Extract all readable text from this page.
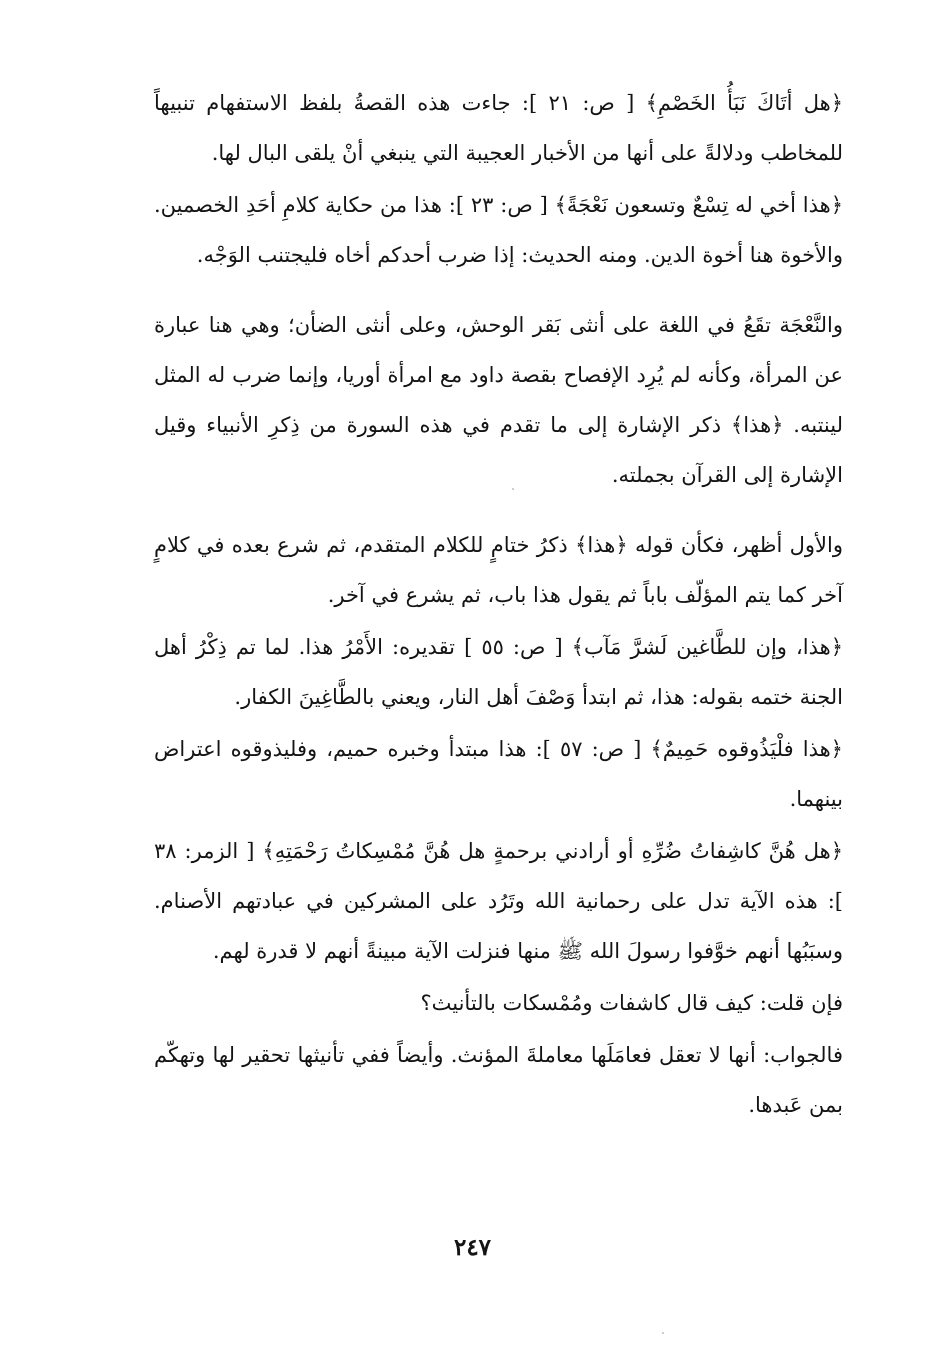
﴿هل أتَاكَ نَبَأُ الخَصْمِ﴾ [ ص: ٢١ ]: جاءت هذه القصةُ بلفظ الاستفهام تنبيهاً للمخاطب ودلالةً على أنها من الأخبار العجيبة التي ينبغي أنْ يلقى البال لها.

﴿هذا أخي له تِسْعٌ وتسعون نَعْجَةً﴾ [ ص: ٢٣ ]: هذا من حكاية كلامِ أحَدِ الخصمين. والأخوة هنا أخوة الدين. ومنه الحديث: إذا ضرب أحدكم أخاه فليجتنب الوَجْه.

والنَّعْجَة تقَعُ في اللغة على أنثى بَقر الوحش، وعلى أنثى الضأن؛ وهي هنا عبارة عن المرأة، وكأنه لم يُرِد الإفصاح بقصة داود مع امرأة أوريا، وإنما ضرب له المثل لينتبه. ﴿هذا﴾ ذكر الإشارة إلى ما تقدم في هذه السورة من ذِكرِ الأنبياء وقيل الإشارة إلى القرآن بجملته.

والأول أظهر، فكأن قوله ﴿هذا﴾ ذكرُ ختامٍ للكلام المتقدم، ثم شرع بعده في كلامٍ آخر كما يتم المؤلّف باباً ثم يقول هذا باب، ثم يشرع في آخر.

﴿هذا، وإن للطَّاغين لَشرَّ مَآب﴾ [ ص: ٥٥ ] تقديره: الأَمْرُ هذا. لما تم ذِكْرُ أهل الجنة ختمه بقوله: هذا، ثم ابتدأ وَصْفَ أهل النار، ويعني بالطَّاغِينَ الكفار.

﴿هذا فلْيَذُوقوه حَمِيمٌ﴾ [ ص: ٥٧ ]: هذا مبتدأ وخبره حميم، وفليذوقوه اعتراض بينهما.

﴿هل هُنَّ كاشِفاتُ ضُرِّهِ أو أرادني برحمةٍ هل هُنَّ مُمْسِكاتُ رَحْمَتِهِ﴾ [ الزمر: ٣٨ ]: هذه الآية تدل على رحمانية الله وتَرُد على المشركين في عبادتهم الأصنام. وسبَبُها أنهم خوَّفوا رسولَ الله ﷺ منها فنزلت الآية مبينةً أنهم لا قدرة لهم.

فإن قلت: كيف قال كاشفات ومُمْسكات بالتأنيث؟

فالجواب: أنها لا تعقل فعامَلَها معاملةَ المؤنث. وأيضاً ففي تأنيثها تحقير لها وتهكّم بمن عَبدها.

٢٤٧
